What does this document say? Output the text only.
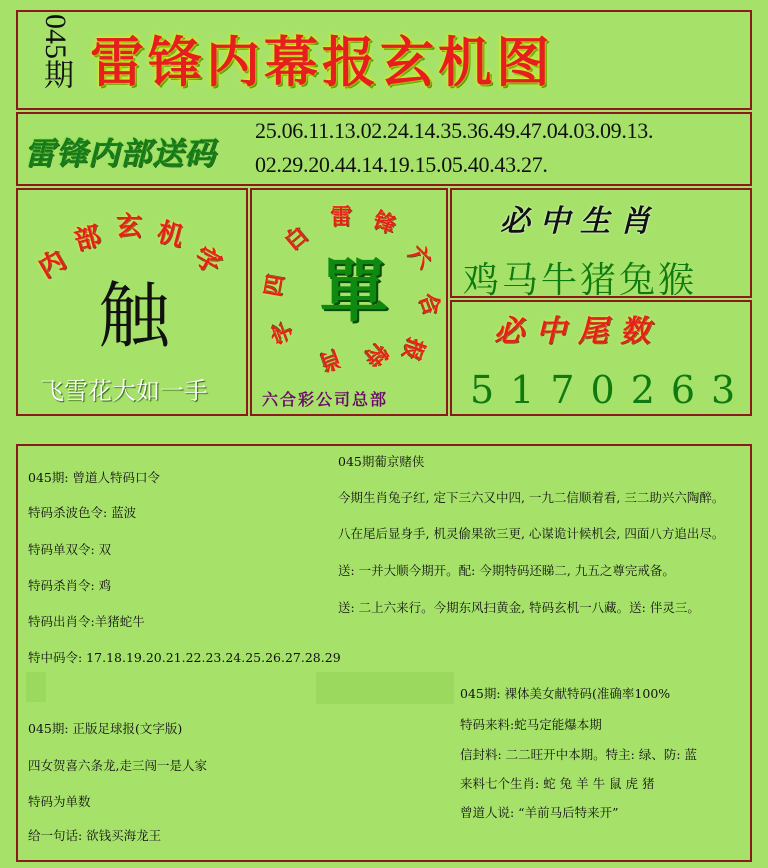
045期 雷锋内幕报玄机图
雷锋内部送码
25.06.11.13.02.24.14.35.36.49.47.04.03.09.13.
02.29.20.44.14.19.15.05.40.43.27.
内
部 玄 机
字
触
飞雪花大如一手
白
雷 锋
六
合
报
四
字
肖 特
單
六合彩公司总部
必中生肖
鸡马牛猪兔猴
必中尾数
5170263
045期: 曾道人特码口令
特码杀波色令: 蓝波
特码单双令: 双
特码杀肖令: 鸡
特码出肖令:羊猪蛇牛
特中码令: 17.18.19.20.21.22.23.24.25.26.27.28.29
045期: 正版足球报(文字版)
四女贺喜六条龙,走三闯一是人家
特码为单数
给一句话: 欲钱买海龙王
045期葡京赌侠
今期生肖兔子红, 定下三六又中四, 一九二信顺着看, 三二助兴六陶醉。
八在尾后显身手, 机灵偷果欲三更, 心谋诡计候机会, 四面八方追出尽。
送: 一并大顺今期开。配: 今期特码还睇二, 九五之尊完戒备。
送: 二上六来行。今期东风扫黄金, 特码玄机一八藏。送: 伴灵三。
045期: 裸体美女献特码(准确率100%
特码来料:蛇马定能爆本期
信封料: 二二旺开中本期。特主: 绿、防: 蓝
来料七个生肖: 蛇 兔 羊 牛 鼠 虎 猪
曾道人说: “羊前马后特来开”
